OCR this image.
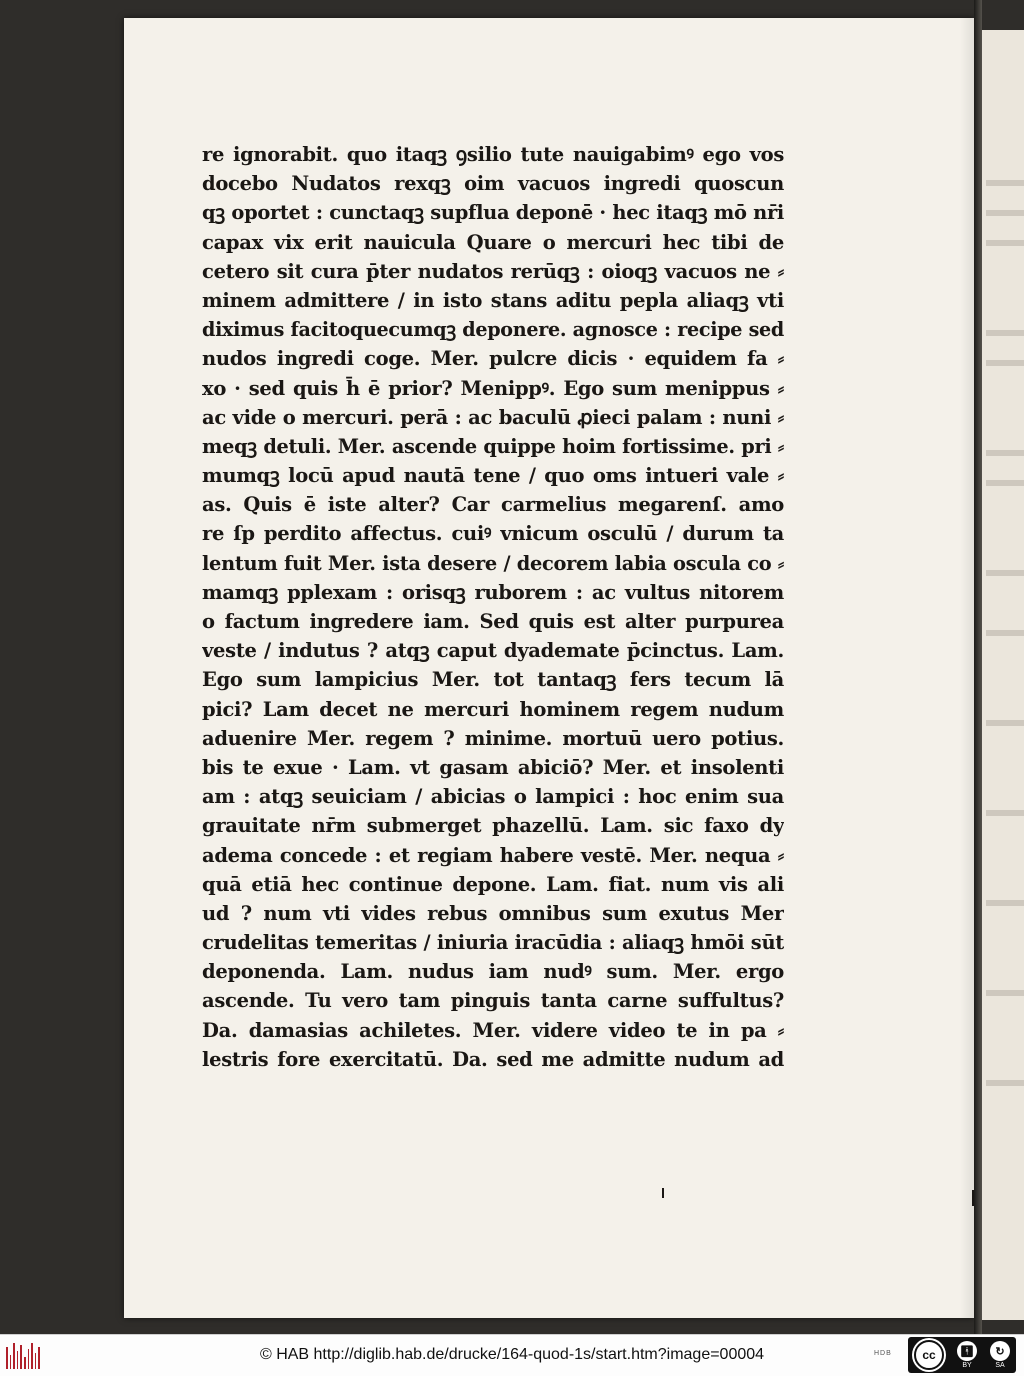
re ignorabit. quo itaqꝫ ꝯsilio tute nauigabimꝰ ego vos
docebo Nudatos rexqꝫ oim vacuos ingredi quoscun
qꝫ oportet : cunctaqꝫ supflua deponē · hec itaqꝫ mō nr̄i
capax vix erit nauicula Quare o mercuri hec tibi de
cetero sit cura p̄ter nudatos rerūqꝫ : oioqꝫ vacuos ne ⸗
minem admittere / in isto stans aditu pepla aliaqꝫ vti
diximus facitoquecumqꝫ deponere. agnosce : recipe sed
nudos ingredi coge. Mer. pulcre dicis · equidem fa ⸗
xo · sed quis h̄ ē prior? Menippꝰ. Ego sum menippus ⸗
ac vide o mercuri. perā : ac baculū ꝓieci palam : nuni ⸗
meqꝫ detuli. Mer. ascende quippe hoim fortissime. pri ⸗
mumqꝫ locū apud nautā tene / quo oms intueri vale ⸗
as. Quis ē iste alter? Car carmelius megarenſ. amo
re ſp perdito affectus. cuiꝰ vnicum osculū / durum ta
lentum fuit Mer. ista desere / decorem labia oscula co ⸗
mamqꝫ pplexam : orisqꝫ ruborem : ac vultus nitorem
o factum ingredere iam. Sed quis est alter purpurea
veste / indutus ? atqꝫ caput dyademate p̄cinctus. Lam.
Ego sum lampicius Mer. tot tantaqꝫ fers tecum lā
pici? Lam decet ne mercuri hominem regem nudum
aduenire Mer. regem ? minime. mortuū uero potius.
bis te exue · Lam. vt gasam abiciō? Mer. et insolenti
am : atqꝫ seuiciam / abicias o lampici : hoc enim sua
grauitate nr̄m submerget phazellū. Lam. sic faxo dy
adema concede : et regiam habere vestē. Mer. nequa ⸗
quā etiā hec continue depone. Lam. fiat. num vis ali
ud ? num vti vides rebus omnibus sum exutus Mer
crudelitas temeritas / iniuria iracūdia : aliaqꝫ hmōi sūt
deponenda. Lam. nudus iam nudꝰ sum. Mer. ergo
ascende. Tu vero tam pinguis tanta carne suffultus?
Da. damasias achiletes. Mer. videre video te in pa ⸗
lestris fore exercitatū. Da. sed me admitte nudum ad
© HAB http://diglib.hab.de/drucke/164-quod-1s/start.htm?image=00004	HDB	cc	🚹︎
BY
↻
SA
